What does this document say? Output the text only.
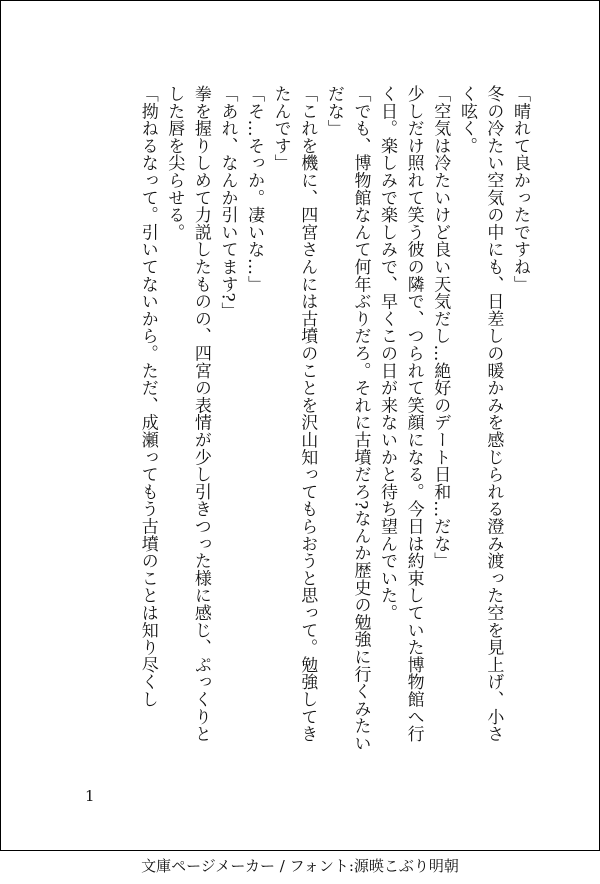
「晴れて良かったですね」

冬の冷たい空気の中にも、日差しの暖かみを感じられる澄み渡った空を見上げ、小さく呟く。

「空気は冷たいけど良い天気だし…絶好のデート日和…だな」

少しだけ照れて笑う彼の隣で、つられて笑顔になる。今日は約束していた博物館へ行く日。楽しみで楽しみで、早くこの日が来ないかと待ち望んでいた。

「でも、博物館なんて何年ぶりだろ。それに古墳だろ?なんか歴史の勉強に行くみたいだな」

「これを機に、四宮さんには古墳のことを沢山知ってもらおうと思って。勉強してきたんです」

「そ…そっか。凄いな…」

「あれ、なんか引いてます?」

拳を握りしめて力説したものの、四宮の表情が少し引きつった様に感じ、ぷっくりとした唇を尖らせる。

「拗ねるなって。引いてないから。ただ、成瀬ってもう古墳のことは知り尽くし

1
文庫ページメーカー / フォント:源暎こぶり明朝
